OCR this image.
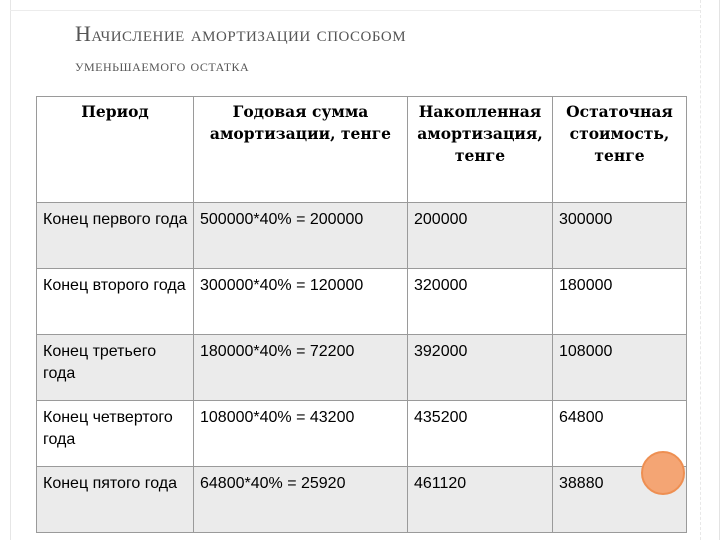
Начисление амортизации способом
уменьшаемого остатка
Период	Годовая сумма амортизации, тенге	Накопленная амортизация, тенге	Остаточная стоимость, тенге
Конец первого года	500000*40% = 200000	200000	300000
Конец второго года	300000*40% = 120000	320000	180000
Конец третьего года	180000*40% = 72200	392000	108000
Конец четвертого года	108000*40% = 43200	435200	64800
Конец пятого года	64800*40% = 25920	461120	38880
